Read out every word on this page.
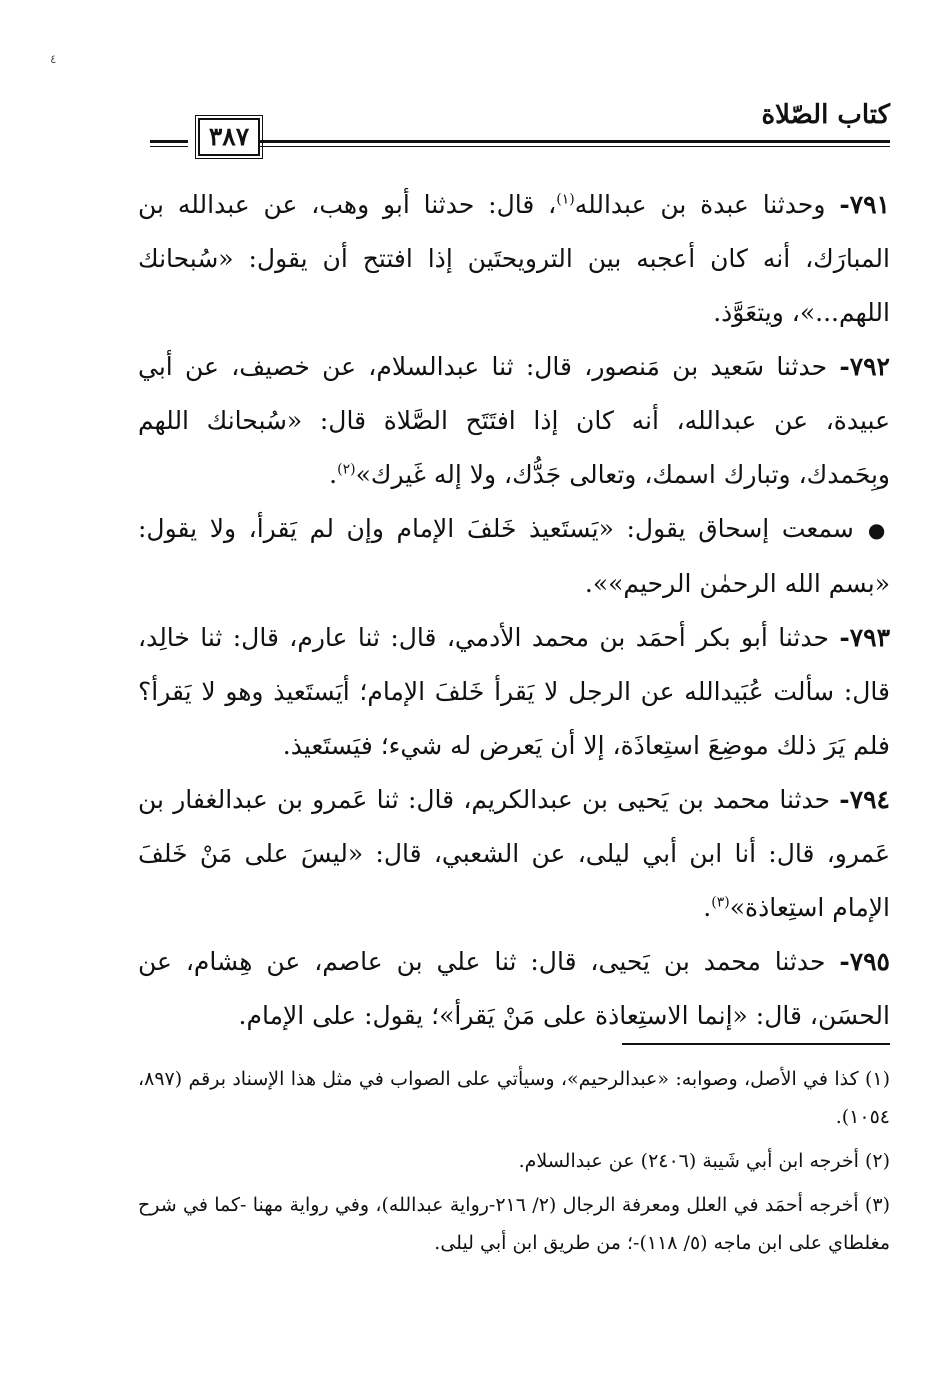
٤
كتاب الصّلاة
٣٨٧

٧٩١- وحدثنا عبدة بن عبدالله$^{(١)}$، قال: حدثنا أبو وهب، عن عبدالله بن المبارَك، أنه كان أعجبه بين الترويحتَين إذا افتتح أن يقول: «سُبحانك اللهم...»، ويتعَوَّذ.

٧٩٢- حدثنا سَعيد بن مَنصور، قال: ثنا عبدالسلام، عن خصيف، عن أبي عبيدة، عن عبدالله، أنه كان إذا افتَتَح الصَّلاة قال: «سُبحانك اللهم وبِحَمدك، وتبارك اسمك، وتعالى جَدُّك، ولا إله غَيرك»$^{(٢)}$.

●سمعت إسحاق يقول: «يَستَعيذ خَلفَ الإمام وإن لم يَقرأ، ولا يقول: «بسم الله الرحمٰن الرحيم»».

٧٩٣- حدثنا أبو بكر أحمَد بن محمد الأدمي، قال: ثنا عارم، قال: ثنا خالِد، قال: سألت عُبَيدالله عن الرجل لا يَقرأ خَلفَ الإمام؛ أيَستَعيذ وهو لا يَقرأ؟ فلم يَرَ ذلك موضِعَ استِعاذَة، إلا أن يَعرض له شيء؛ فيَستَعيذ.

٧٩٤- حدثنا محمد بن يَحيى بن عبدالكريم، قال: ثنا عَمرو بن عبدالغفار بن عَمرو، قال: أنا ابن أبي ليلى، عن الشعبي، قال: «ليسَ على مَنْ خَلفَ الإمام استِعاذة»$^{(٣)}$.

٧٩٥- حدثنا محمد بن يَحيى، قال: ثنا علي بن عاصم، عن هِشام، عن الحسَن، قال: «إنما الاستِعاذة على مَنْ يَقرأ»؛ يقول: على الإمام.

(١) كذا في الأصل، وصوابه: «عبدالرحيم»، وسيأتي على الصواب في مثل هذا الإسناد برقم (٨٩٧، ١٠٥٤).

(٢) أخرجه ابن أبي شَيبة (٢٤٠٦) عن عبدالسلام.

(٣) أخرجه أحمَد في العلل ومعرفة الرجال (٢/ ٢١٦-رواية عبدالله)، وفي رواية مهنا -كما في شرح مغلطاي على ابن ماجه (٥/ ١١٨)-؛ من طريق ابن أبي ليلى.
